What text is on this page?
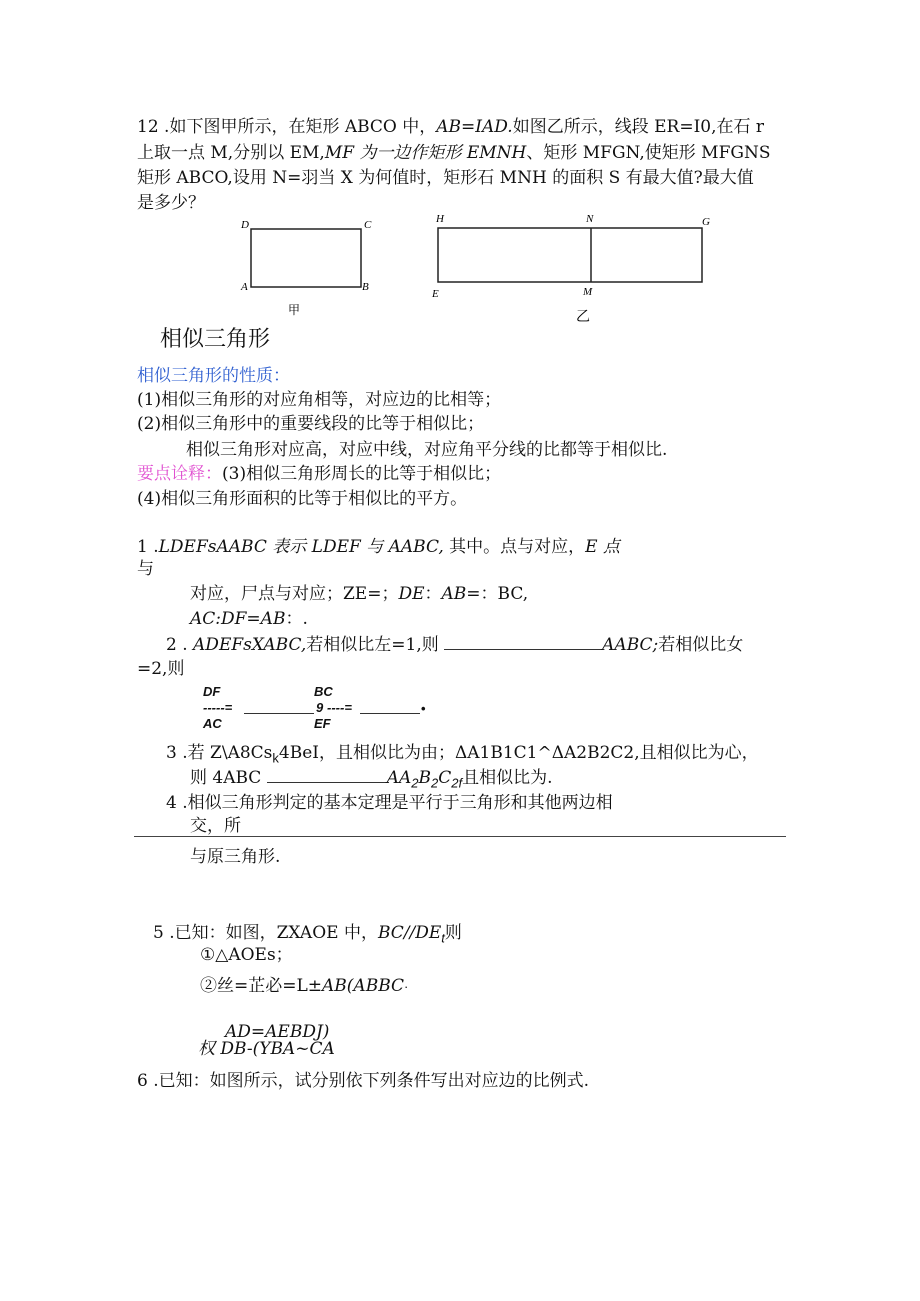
12 .如下图甲所示，在矩形 ABCO 中，AB=IAD.如图乙所示，线段 ER=I0,在石 r
上取一点 M,分别以 EM,MF 为一边作矩形 EMNH、矩形 MFGN,使矩形 MFGNS
矩形 ABCO,设用 N=羽当 X 为何值时，矩形石 MNH 的面积 S 有最大值?最大值
是多少？
D	C
A	B
甲
H	N	G
E	M
乙
相似三角形
相似三角形的性质：
(1)相似三角形的对应角相等，对应边的比相等；
(2)相似三角形中的重要线段的比等于相似比；
相似三角形对应高，对应中线，对应角平分线的比都等于相似比.
要点诠释：(3)相似三角形周长的比等于相似比；
(4)相似三角形面积的比等于相似比的平方。
1 .LDEFsAABC 表示 LDEF 与 AABC, 其中。点与对应，E 点
与
对应，尸点与对应；ZE=；DE：AB=：BC,
AC:DF=AB：.
2 . ADEFsXABC,若相似比左=1,则	AABC;若相似比女
=2,则
DF
-----=
AC
BC
9 ----=
EF
•
3 .若 $Z\backslash A8Cs_k4BeI$，且相似比为由；ΔA1B1C1^ΔA2B2C2,且相似比为心，
则 4ABC	$AA_2B_2C_{2f}$且相似比为.
4 .相似三角形判定的基本定理是平行于三角形和其他两边相
交，所
与原三角形.
5 .已知：如图，ZXAOE 中，$BC//DE_t$则
①△AOEs；
②丝=芷必=L±AB(ABBC·
AD=AEBDJ)
权 DB-(YBA~CA
6 .已知：如图所示，试分别依下列条件写出对应边的比例式.
